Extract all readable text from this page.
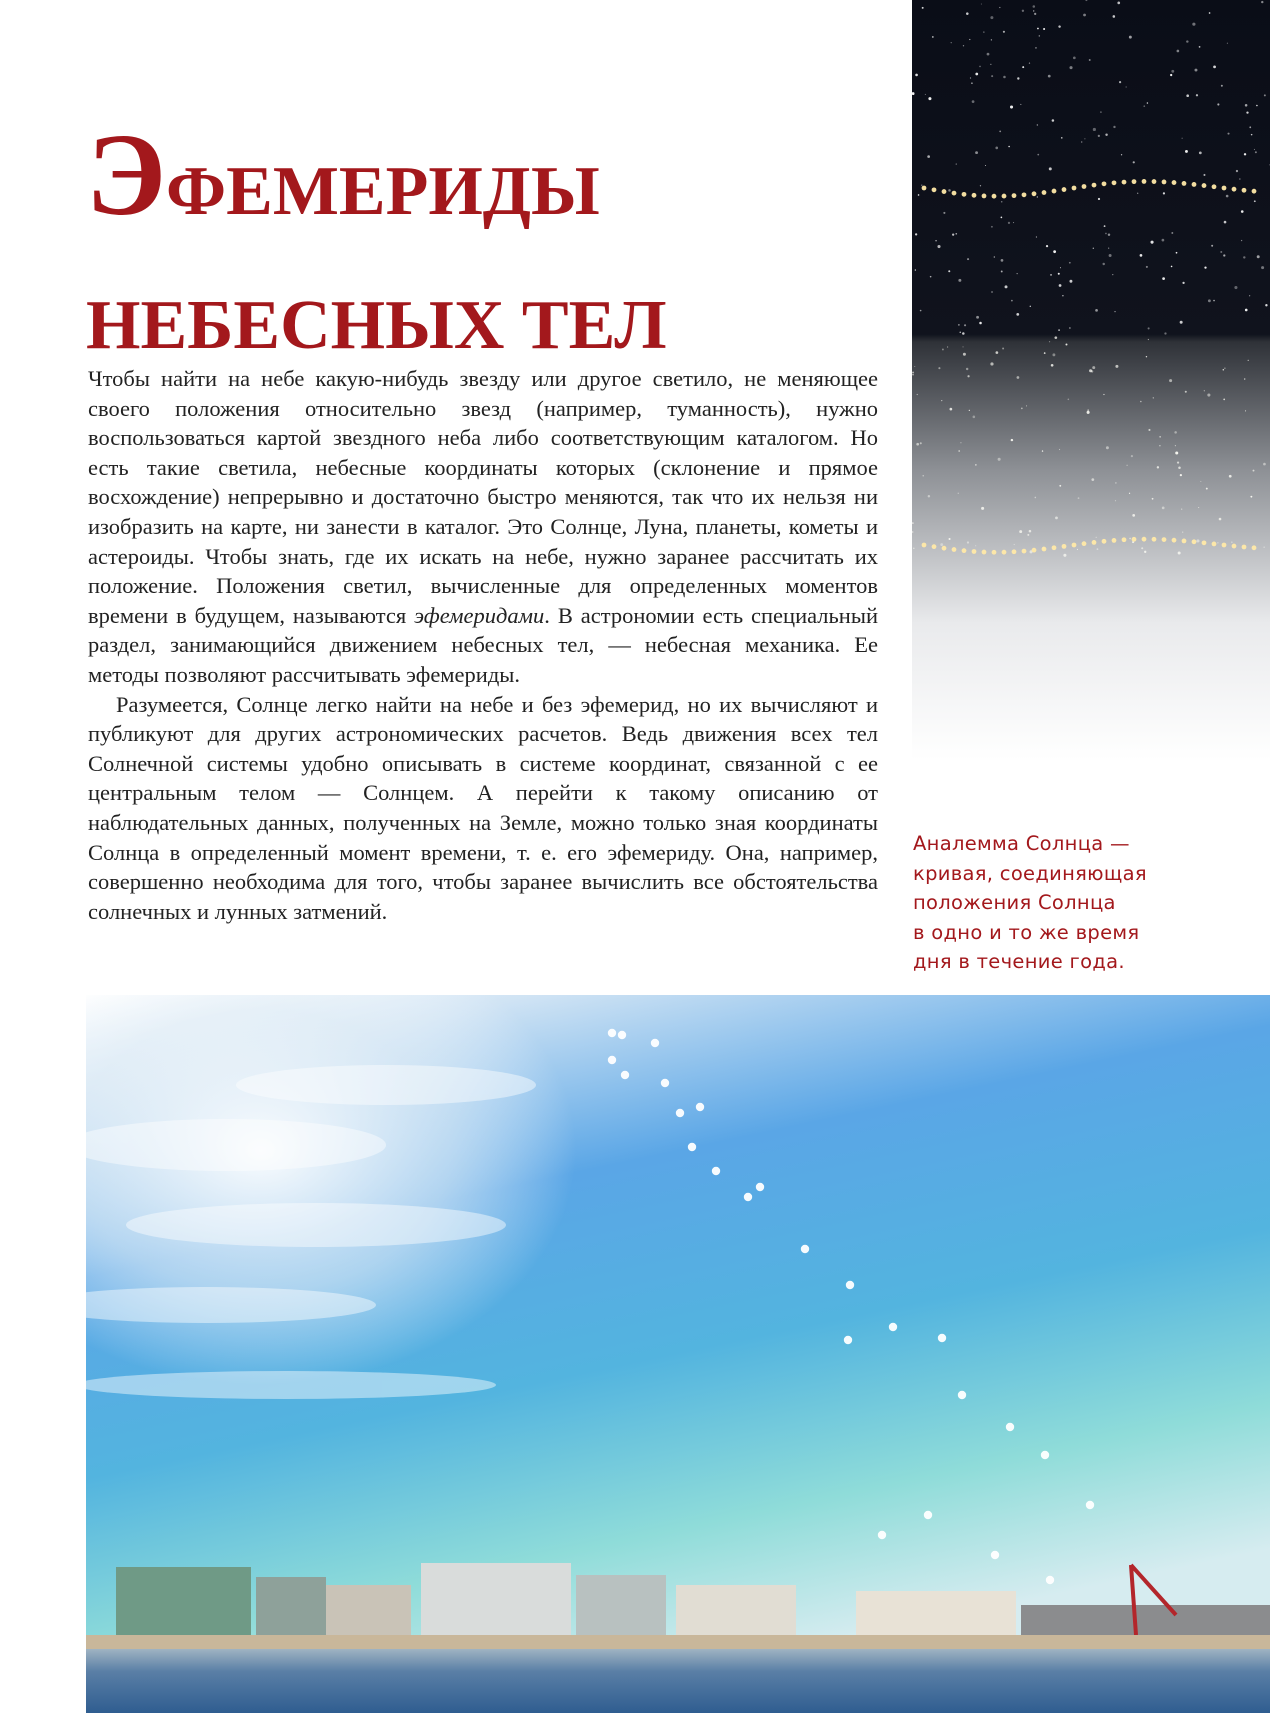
ЭФЕМЕРИДЫ
НЕБЕСНЫХ ТЕЛ

Чтобы найти на небе какую-нибудь звезду или другое светило, не меняющее своего положения относительно звезд (например, туманность), нужно воспользоваться картой звездного неба либо соответствующим каталогом. Но есть такие светила, небесные координаты которых (склонение и прямое восхождение) непрерывно и достаточно быстро меняются, так что их нельзя ни изобразить на карте, ни занести в каталог. Это Солнце, Луна, планеты, кометы и астероиды. Чтобы знать, где их искать на небе, нужно заранее рассчитать их положение. Положения светил, вычисленные для определенных моментов времени в будущем, называются эфемеридами. В астрономии есть специальный раздел, занимающийся движением небесных тел, — небесная механика. Ее методы позволяют рассчитывать эфемериды.

Разумеется, Солнце легко найти на небе и без эфемерид, но их вычисляют и публикуют для других астрономических расчетов. Ведь движения всех тел Солнечной системы удобно описывать в системе координат, связанной с ее центральным телом — Солнцем. А перейти к такому описанию от наблюдательных данных, полученных на Земле, можно только зная координаты Солнца в определенный момент времени, т. е. его эфемериду. Она, например, совершенно необходима для того, чтобы заранее вычислить все обстоятельства солнечных и лунных затмений.

Аналемма Солнца —
кривая, соединяющая
положения Солнца
в одно и то же время
дня в течение года.
